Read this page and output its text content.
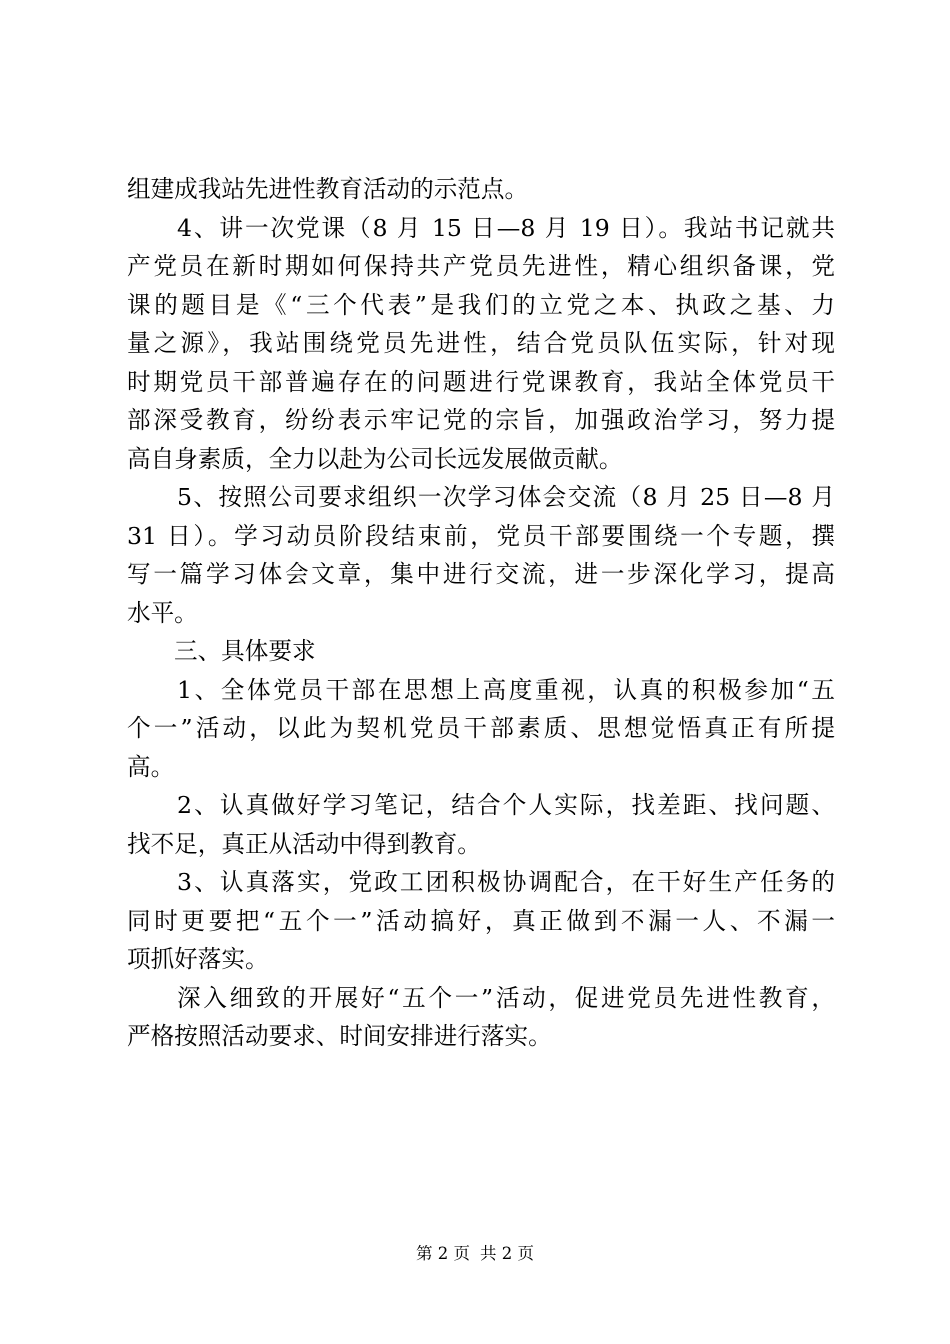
组建成我站先进性教育活动的示范点。
4、讲一次党课（8 月 15 日—8 月 19 日）。我站书记就共
产党员在新时期如何保持共产党员先进性，精心组织备课，党
课的题目是《“三个代表”是我们的立党之本、执政之基、力
量之源》，我站围绕党员先进性，结合党员队伍实际，针对现
时期党员干部普遍存在的问题进行党课教育，我站全体党员干
部深受教育，纷纷表示牢记党的宗旨，加强政治学习，努力提
高自身素质，全力以赴为公司长远发展做贡献。
5、按照公司要求组织一次学习体会交流（8 月 25 日—8 月
31 日）。学习动员阶段结束前，党员干部要围绕一个专题，撰
写一篇学习体会文章，集中进行交流，进一步深化学习，提高
水平。
三、具体要求
1、全体党员干部在思想上高度重视，认真的积极参加“五
个一”活动，以此为契机党员干部素质、思想觉悟真正有所提
高。
2、认真做好学习笔记，结合个人实际，找差距、找问题、
找不足，真正从活动中得到教育。
3、认真落实，党政工团积极协调配合，在干好生产任务的
同时更要把“五个一”活动搞好，真正做到不漏一人、不漏一
项抓好落实。
深入细致的开展好“五个一”活动，促进党员先进性教育，
严格按照活动要求、时间安排进行落实。
第 2 页 共 2 页
